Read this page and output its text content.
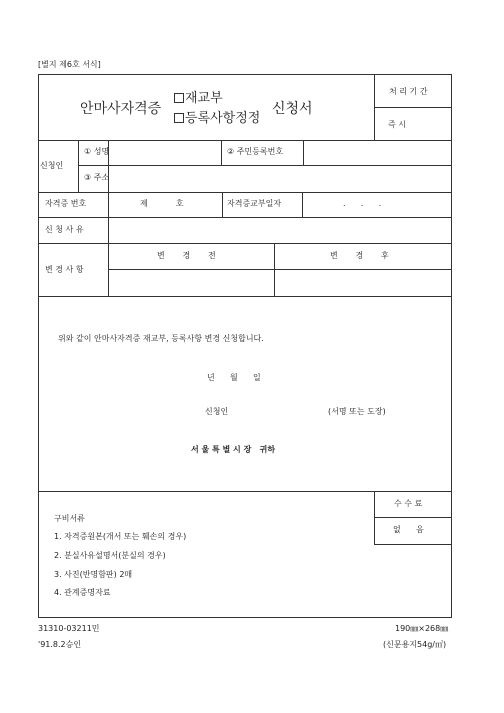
[별지 제6호 서식]
안마사자격증
재교부
등록사항정정
신청서
처 리 기 간
즉 시
신청인
① 성명	② 주민등록번호
③ 주소
자격증 번호	제           호	자격증교부일자	.      .      .
신 청 사 유
변 경 사 항
변       경       전	변       경       후
위와 같이 안마사자격증 재교부, 등록사항 변경 신청합니다.
년      월      일
신청인	(서명 또는 도장)
서 울 특 별 시 장   귀하
수 수 료
없      음
구비서류
1. 자격증원본(개서 또는 훼손의 경우)
2. 분실사유설명서(분실의 경우)
3. 사진(반명함판) 2매
4. 관계증명자료
31310-03211민
'91.8.2승인
190㎜×268㎜
(신문용지54g/㎡)
